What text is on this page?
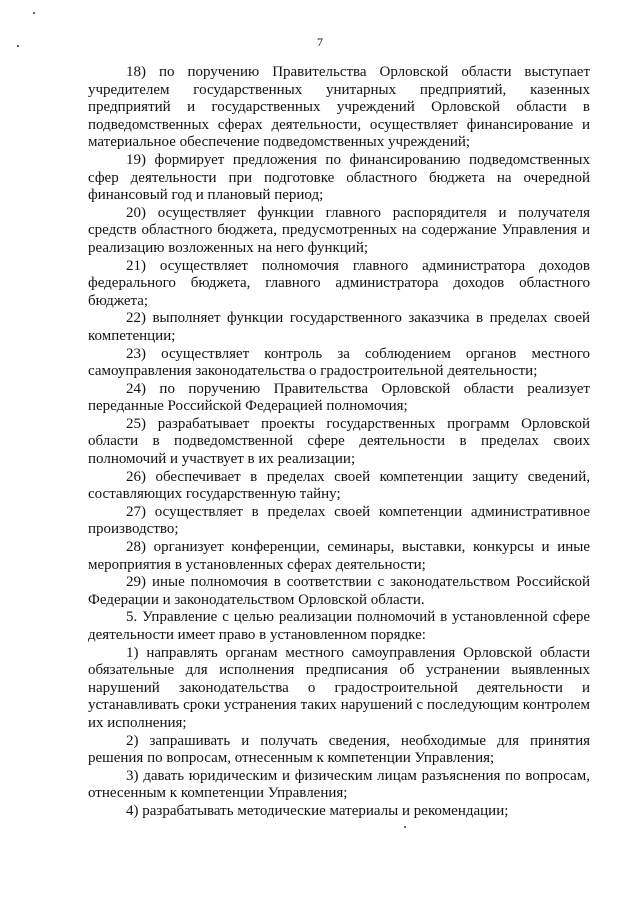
7

18) по поручению Правительства Орловской области выступает учредителем государственных унитарных предприятий, казенных предприятий и государственных учреждений Орловской области в подведомственных сферах деятельности, осуществляет финансирование и материальное обеспечение подведомственных учреждений;

19) формирует предложения по финансированию подведомственных сфер деятельности при подготовке областного бюджета на очередной финансовый год и плановый период;

20) осуществляет функции главного распорядителя и получателя средств областного бюджета, предусмотренных на содержание Управления и реализацию возложенных на него функций;

21) осуществляет полномочия главного администратора доходов федерального бюджета, главного администратора доходов областного бюджета;

22) выполняет функции государственного заказчика в пределах своей компетенции;

23) осуществляет контроль за соблюдением органов местного самоуправления законодательства о градостроительной деятельности;

24) по поручению Правительства Орловской области реализует переданные Российской Федерацией полномочия;

25) разрабатывает проекты государственных программ Орловской области в подведомственной сфере деятельности в пределах своих полномочий и участвует в их реализации;

26) обеспечивает в пределах своей компетенции защиту сведений, составляющих государственную тайну;

27) осуществляет в пределах своей компетенции административное производство;

28) организует конференции, семинары, выставки, конкурсы и иные мероприятия в установленных сферах деятельности;

29) иные полномочия в соответствии с законодательством Российской Федерации и законодательством Орловской области.

5. Управление с целью реализации полномочий в установленной сфере деятельности имеет право в установленном порядке:

1) направлять органам местного самоуправления Орловской области обязательные для исполнения предписания об устранении выявленных нарушений законодательства о градостроительной деятельности и устанавливать сроки устранения таких нарушений с последующим контролем их исполнения;

2) запрашивать и получать сведения, необходимые для принятия решения по вопросам, отнесенным к компетенции Управления;

3) давать юридическим и физическим лицам разъяснения по вопросам, отнесенным к компетенции Управления;

4) разрабатывать методические материалы и рекомендации;
